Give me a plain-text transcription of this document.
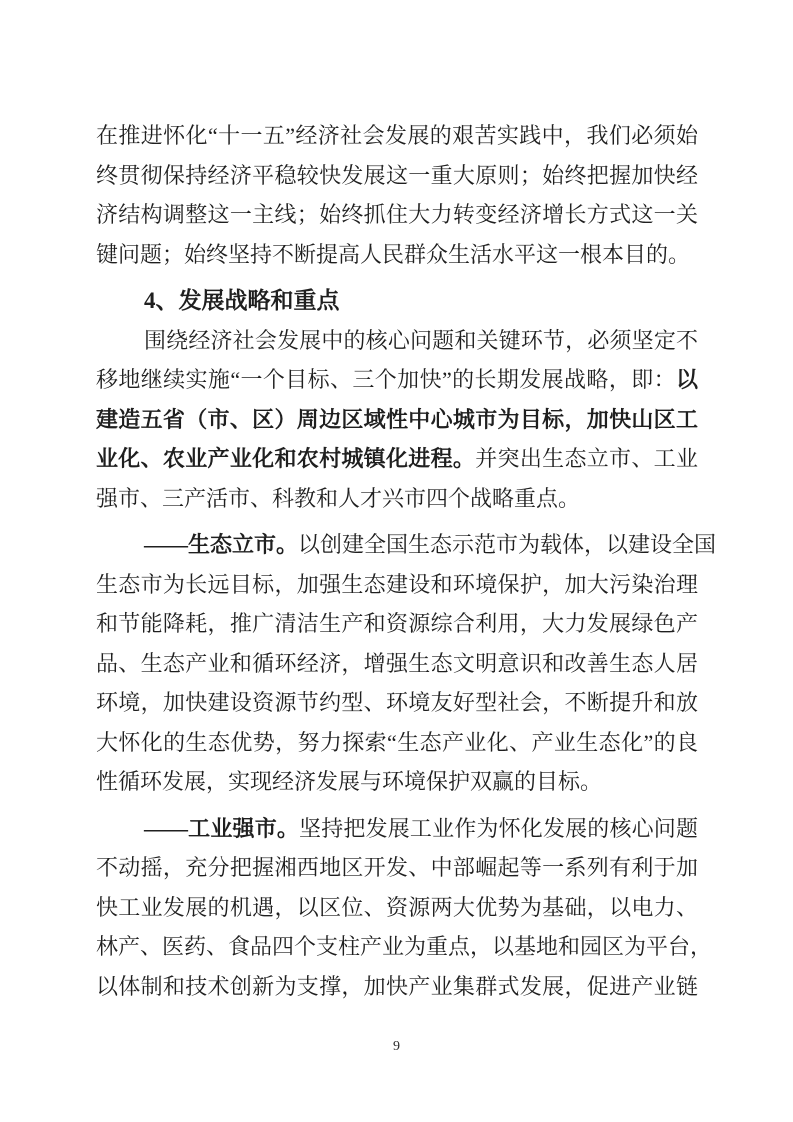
在推进怀化“十一五”经济社会发展的艰苦实践中，我们必须始
终贯彻保持经济平稳较快发展这一重大原则；始终把握加快经
济结构调整这一主线；始终抓住大力转变经济增长方式这一关
键问题；始终坚持不断提高人民群众生活水平这一根本目的。
4、发展战略和重点
围绕经济社会发展中的核心问题和关键环节，必须坚定不
移地继续实施“一个目标、三个加快”的长期发展战略，即：以
建造五省（市、区）周边区域性中心城市为目标，加快山区工
业化、农业产业化和农村城镇化进程。并突出生态立市、工业
强市、三产活市、科教和人才兴市四个战略重点。
——生态立市。以创建全国生态示范市为载体，以建设全国
生态市为长远目标，加强生态建设和环境保护，加大污染治理
和节能降耗，推广清洁生产和资源综合利用，大力发展绿色产
品、生态产业和循环经济，增强生态文明意识和改善生态人居
环境，加快建设资源节约型、环境友好型社会，不断提升和放
大怀化的生态优势，努力探索“生态产业化、产业生态化”的良
性循环发展，实现经济发展与环境保护双赢的目标。
——工业强市。坚持把发展工业作为怀化发展的核心问题
不动摇，充分把握湘西地区开发、中部崛起等一系列有利于加
快工业发展的机遇，以区位、资源两大优势为基础，以电力、
林产、医药、食品四个支柱产业为重点，以基地和园区为平台，
以体制和技术创新为支撑，加快产业集群式发展，促进产业链
9
